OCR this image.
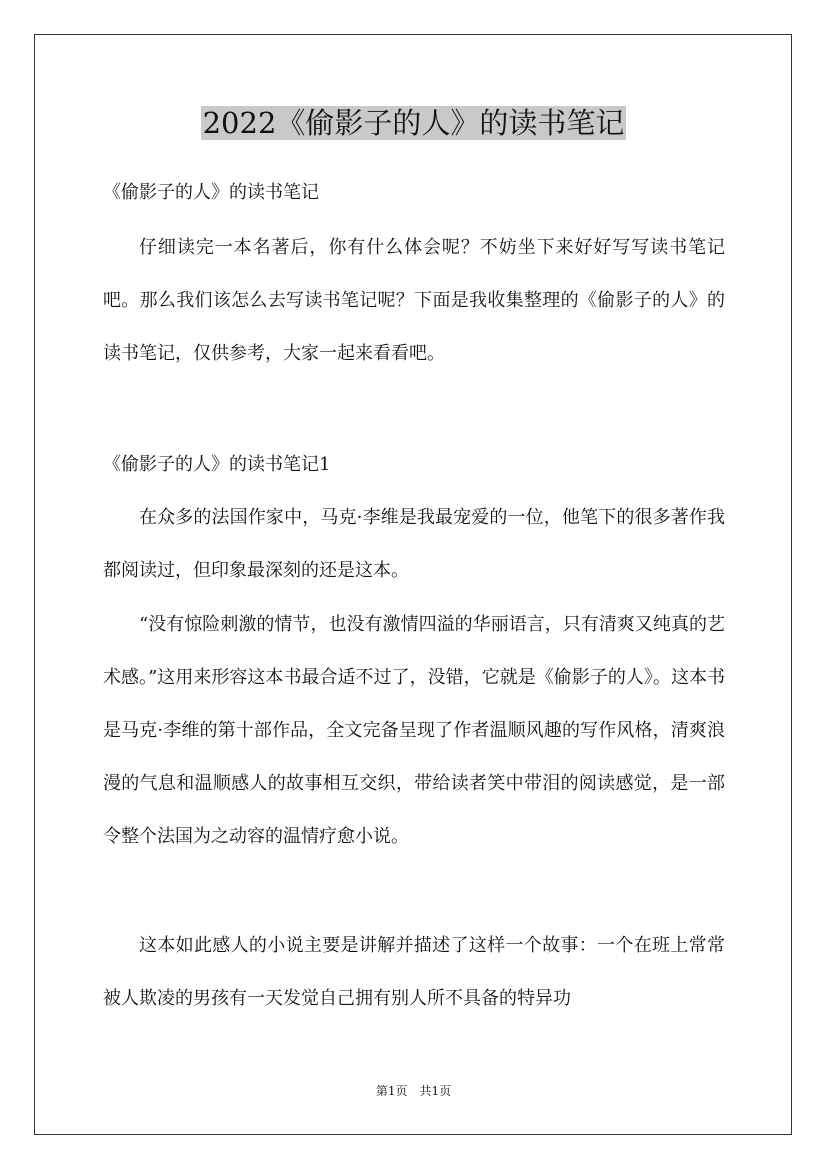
2022《偷影子的人》的读书笔记

《偷影子的人》的读书笔记

仔细读完一本名著后，你有什么体会呢？不妨坐下来好好写写读书笔记吧。那么我们该怎么去写读书笔记呢？下面是我收集整理的《偷影子的人》的读书笔记，仅供参考，大家一起来看看吧。

《偷影子的人》的读书笔记1

在众多的法国作家中，马克·李维是我最宠爱的一位，他笔下的很多著作我都阅读过，但印象最深刻的还是这本。

“没有惊险刺激的情节，也没有激情四溢的华丽语言，只有清爽又纯真的艺术感。”这用来形容这本书最合适不过了，没错，它就是《偷影子的人》。这本书是马克·李维的第十部作品，全文完备呈现了作者温顺风趣的写作风格，清爽浪漫的气息和温顺感人的故事相互交织，带给读者笑中带泪的阅读感觉，是一部令整个法国为之动容的温情疗愈小说。

这本如此感人的小说主要是讲解并描述了这样一个故事：一个在班上常常被人欺凌的男孩有一天发觉自己拥有别人所不具备的特异功

第1页　共1页
